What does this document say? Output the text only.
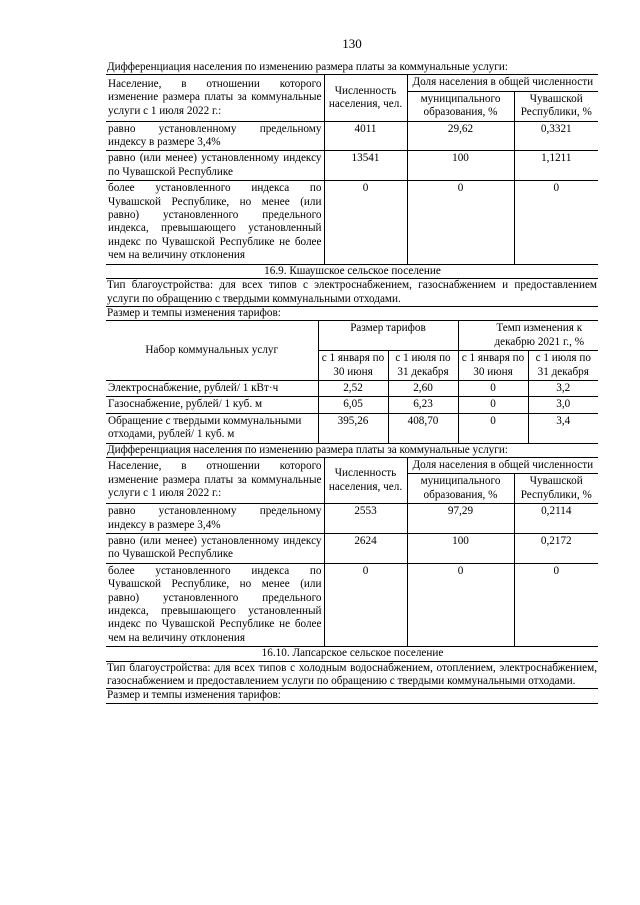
130
Дифференциация населения по изменению размера платы за коммунальные услуги:
Население, в отношении которого изменение размера платы за коммунальные услуги с 1 июля 2022 г.:	Численность населения, чел.	Доля населения в общей численности	
		муниципального образования, %	Чувашской Республики, %
равно установленному предельному индексу в размере 3,4%	4011	29,62	0,3321
равно (или менее) установленному индексу по Чувашской Республике	13541	100	1,1211
более установленного индекса по Чувашской Республике, но менее (или равно) установленного предельного индекса, превышающего установленный индекс по Чувашской Республике не более чем на величину отклонения	0	0	0
16.9. Кшаушское сельское поселение
Тип благоустройства: для всех типов с электроснабжением, газоснабжением и предоставлением услуги по обращению с твердыми коммунальными отходами.
Размер и темпы изменения тарифов:
Набор коммунальных услуг	Размер тарифов		Темп изменения к декабрю 2021 г., %	
	с 1 января по 30 июня	с 1 июля по 31 декабря	с 1 января по 30 июня	с 1 июля по 31 декабря
Электроснабжение, рублей/ 1 кВт·ч	2,52	2,60	0	3,2
Газоснабжение, рублей/ 1 куб. м	6,05	6,23	0	3,0
Обращение с твердыми коммунальными отходами, рублей/ 1 куб. м	395,26	408,70	0	3,4
Дифференциация населения по изменению размера платы за коммунальные услуги:
Население, в отношении которого изменение размера платы за коммунальные услуги с 1 июля 2022 г.:	Численность населения, чел.	Доля населения в общей численности	
		муниципального образования, %	Чувашской Республики, %
равно установленному предельному индексу в размере 3,4%	2553	97,29	0,2114
равно (или менее) установленному индексу по Чувашской Республике	2624	100	0,2172
более установленного индекса по Чувашской Республике, но менее (или равно) установленного предельного индекса, превышающего установленный индекс по Чувашской Республике не более чем на величину отклонения	0	0	0
16.10. Лапсарское сельское поселение
Тип благоустройства: для всех типов с холодным водоснабжением, отоплением, электроснабжением, газоснабжением и предоставлением услуги по обращению с твердыми коммунальными отходами.
Размер и темпы изменения тарифов:
